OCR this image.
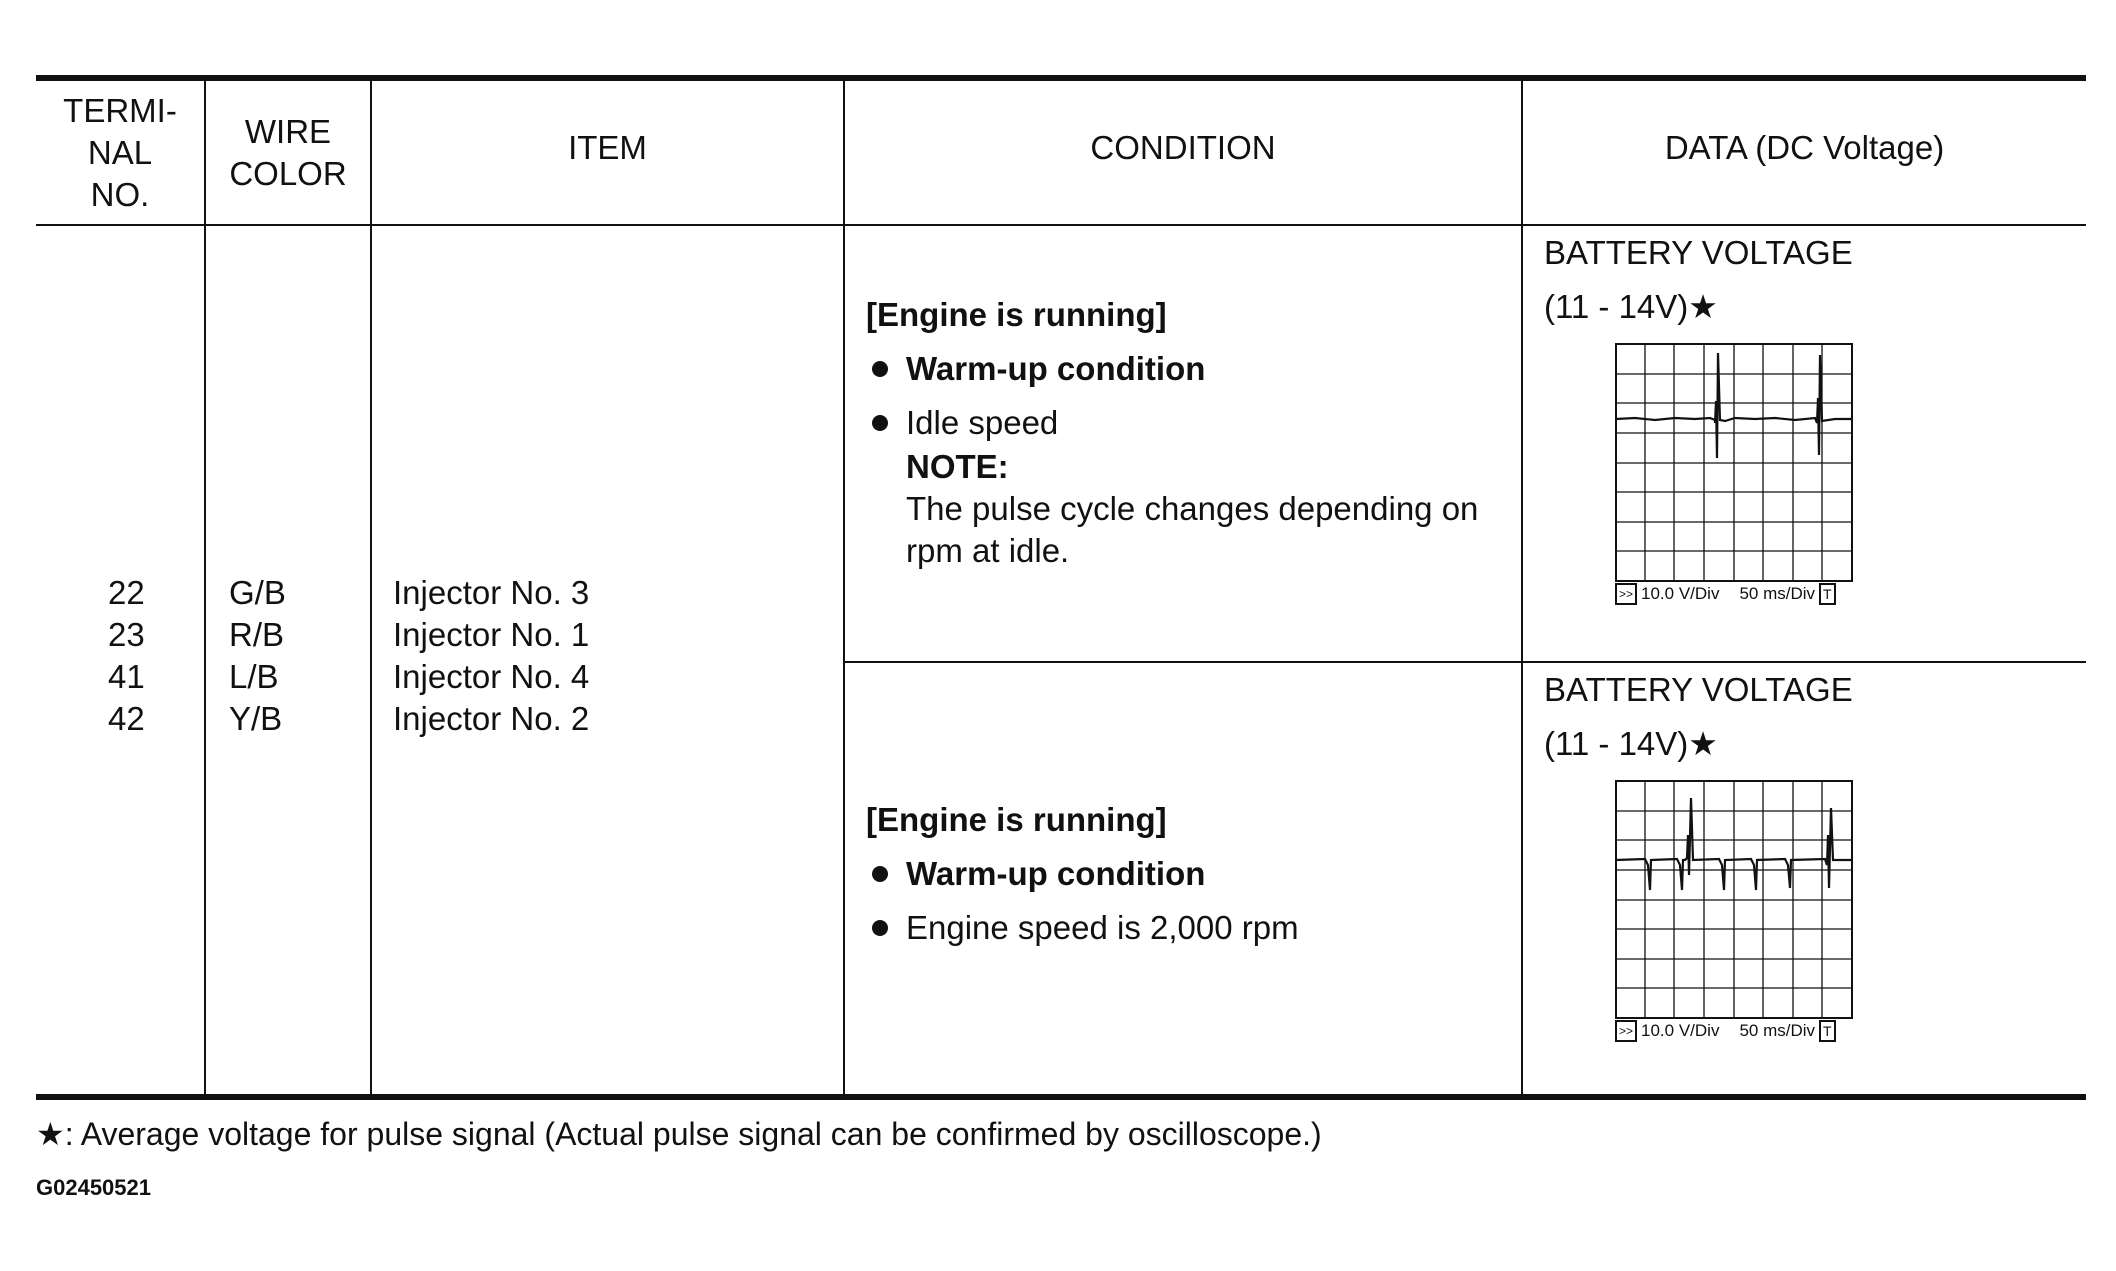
TERMI-
NAL
NO.
WIRE
COLOR
ITEM	CONDITION	DATA (DC Voltage)
22
23
41
42
G/B
R/B
L/B
Y/B
Injector No. 3
Injector No. 1
Injector No. 4
Injector No. 2
[Engine is running]
Warm-up condition
Idle speed
NOTE:
The pulse cycle changes depending on
rpm at idle.
[Engine is running]
Warm-up condition
Engine speed is 2,000 rpm
BATTERY VOLTAGE
(11 - 14V)★
>> 10.0 V/Div 50 ms/Div T
BATTERY VOLTAGE
(11 - 14V)★
>> 10.0 V/Div 50 ms/Div T
★: Average voltage for pulse signal (Actual pulse signal can be confirmed by oscilloscope.)
G02450521
